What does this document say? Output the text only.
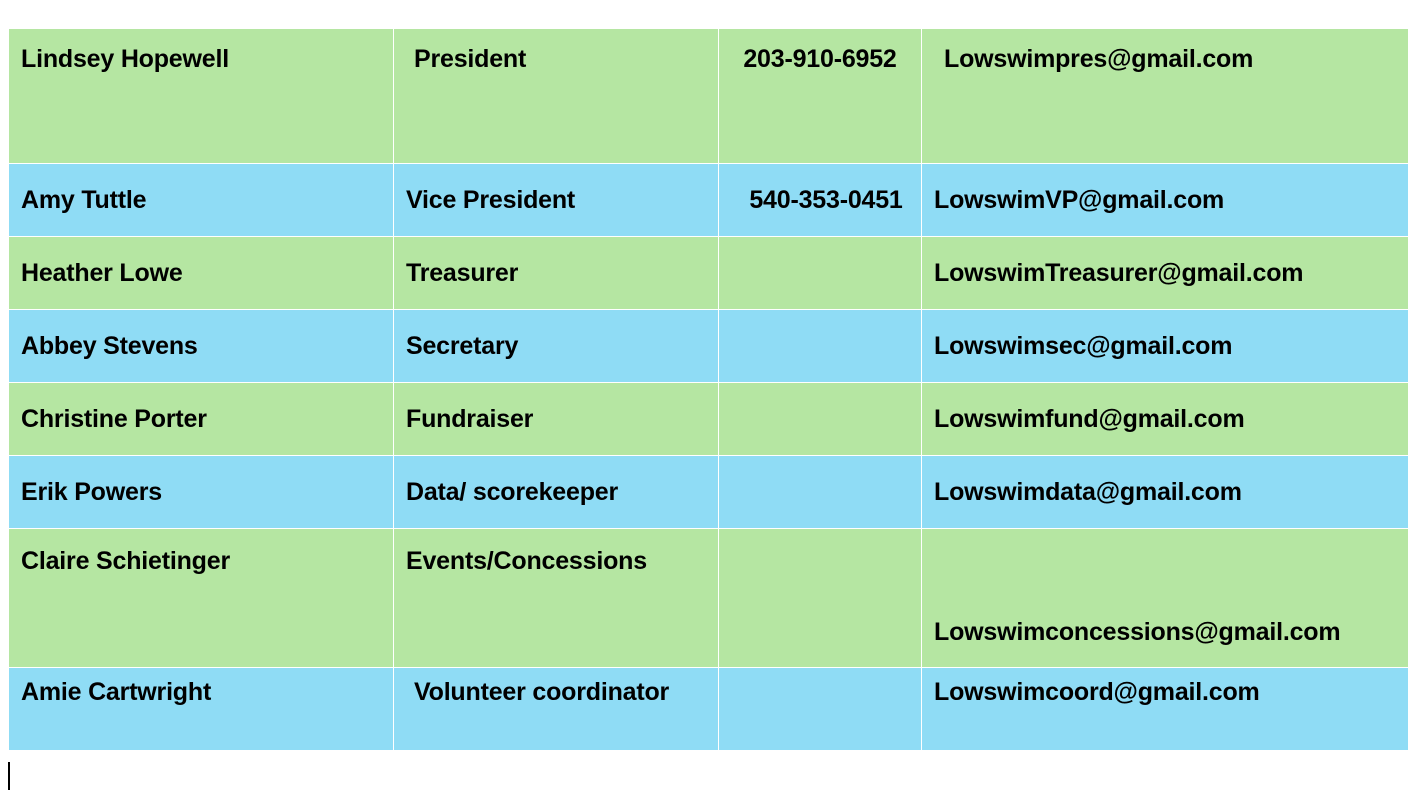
Lindsey Hopewell	President	203-910-6952	Lowswimpres@gmail.com
Amy Tuttle	Vice President	540-353-0451	LowswimVP@gmail.com
Heather Lowe	Treasurer		LowswimTreasurer@gmail.com
Abbey Stevens	Secretary		Lowswimsec@gmail.com
Christine Porter	Fundraiser		Lowswimfund@gmail.com
Erik Powers	Data/ scorekeeper		Lowswimdata@gmail.com
Claire Schietinger	Events/Concessions		Lowswimconcessions@gmail.com
Amie Cartwright	Volunteer coordinator		Lowswimcoord@gmail.com
